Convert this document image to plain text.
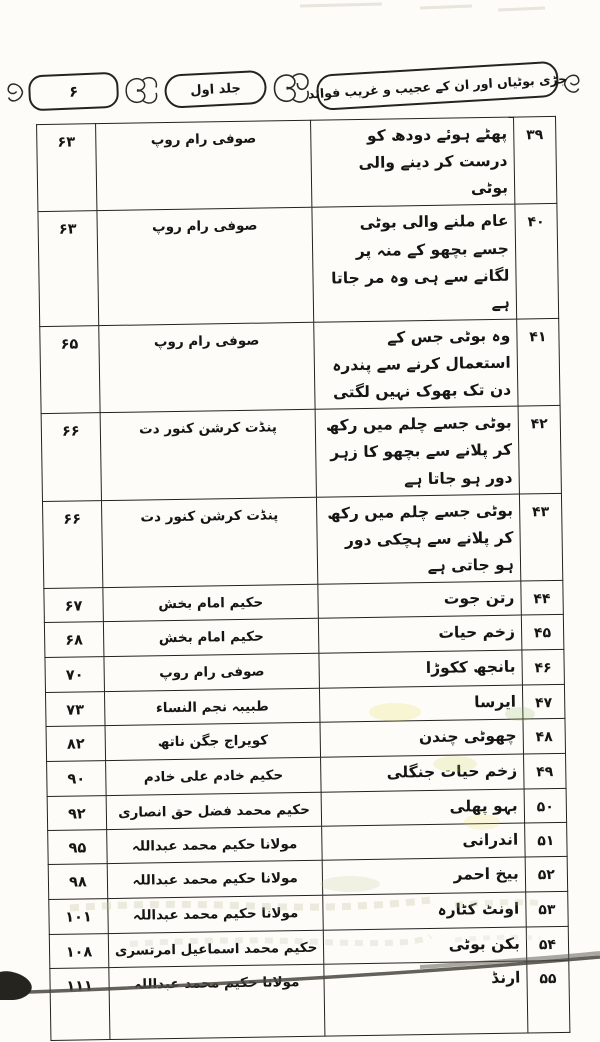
جڑی بوٹیاں اور ان کے عجیب و غریب فوائد
جلد اول
۶
۳۹	پھٹے ہوئے دودھ کو درست کر دینے والی بوٹی	صوفی رام روپ	۶۳
۴۰	عام ملنے والی بوٹی جسے بچھو کے منہ پر لگانے سے ہی وہ مر جاتا ہے	صوفی رام روپ	۶۳
۴۱	وہ بوٹی جس کے استعمال کرنے سے پندرہ دن تک بھوک نہیں لگتی	صوفی رام روپ	۶۵
۴۲	بوٹی جسے چلم میں رکھ کر پلانے سے بچھو کا زہر دور ہو جاتا ہے	پنڈت کرشن کنور دت	۶۶
۴۳	بوٹی جسے چلم میں رکھ کر پلانے سے ہچکی دور ہو جاتی ہے	پنڈت کرشن کنور دت	۶۶
۴۴	رتن جوت	حکیم امام بخش	۶۷
۴۵	زخم حیات	حکیم امام بخش	۶۸
۴۶	بانجھ ککوڑا	صوفی رام روپ	۷۰
۴۷	ایرسا	طبیبہ نجم النساء	۷۳
۴۸	چھوٹی چندن	کویراج جگن ناتھ	۸۲
۴۹	زخم حیات جنگلی	حکیم خادم علی خادم	۹۰
۵۰	بہو پھلی	حکیم محمد فضل حق انصاری	۹۲
۵۱	اندرانی	مولانا حکیم محمد عبداللہ	۹۵
۵۲	بیخ احمر	مولانا حکیم محمد عبداللہ	۹۸
۵۳	اونٹ کٹارہ	مولانا حکیم محمد عبداللہ	۱۰۱
۵۴	بکن بوٹی	حکیم محمد اسماعیل امرتسری	۱۰۸
۵۵	ارنڈ	مولانا حکیم محمد عبداللہ	۱۱۱
